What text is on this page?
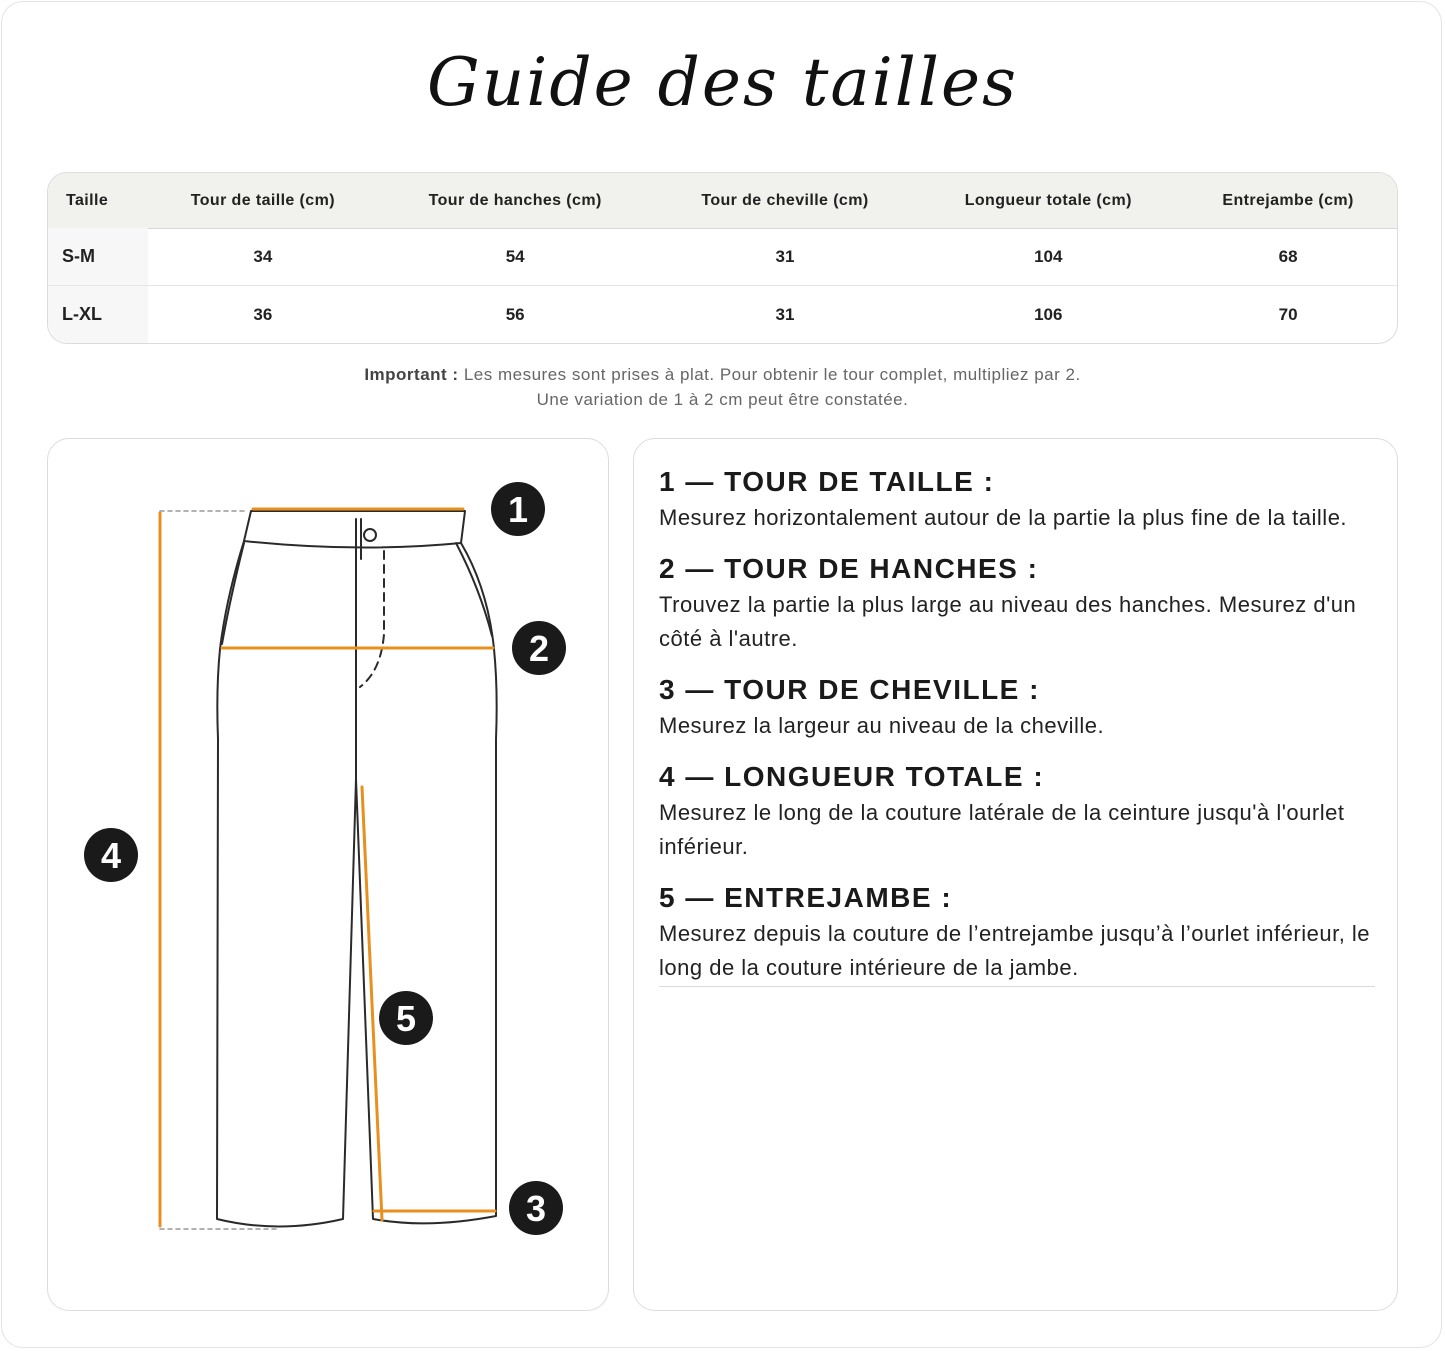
Guide des tailles
Taille	Tour de taille (cm)	Tour de hanches (cm)	Tour de cheville (cm)	Longueur totale (cm)	Entrejambe (cm)
S-M	34	54	31	104	68
L-XL	36	56	31	106	70
Important : Les mesures sont prises à plat. Pour obtenir le tour complet, multipliez par 2.
Une variation de 1 à 2 cm peut être constatée.
1
2
3
4
5
1 — TOUR DE TAILLE :

Mesurez horizontalement autour de la partie la plus fine de la taille.

2 — TOUR DE HANCHES :

Trouvez la partie la plus large au niveau des hanches. Mesurez d'un côté à l'autre.

3 — TOUR DE CHEVILLE :

Mesurez la largeur au niveau de la cheville.

4 — LONGUEUR TOTALE :

Mesurez le long de la couture latérale de la ceinture jusqu'à l'ourlet inférieur.

5 — ENTREJAMBE :

Mesurez depuis la couture de l’entrejambe jusqu’à l’ourlet inférieur, le long de la couture intérieure de la jambe.
